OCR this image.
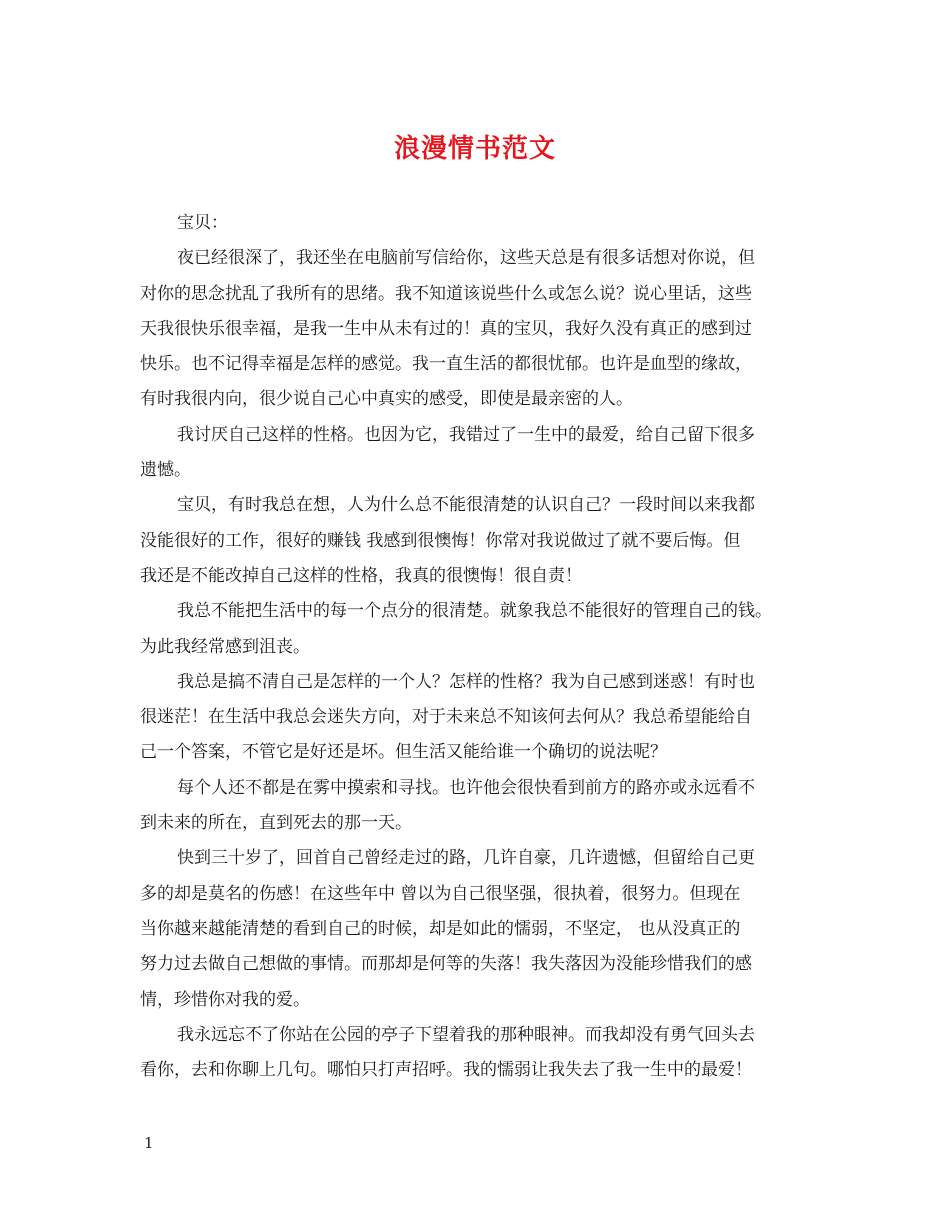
浪漫情书范文
宝贝：
夜已经很深了，我还坐在电脑前写信给你，这些天总是有很多话想对你说，但
对你的思念扰乱了我所有的思绪。我不知道该说些什么或怎么说？说心里话，这些
天我很快乐很幸福，是我一生中从未有过的！真的宝贝，我好久没有真正的感到过
快乐。也不记得幸福是怎样的感觉。我一直生活的都很忧郁。也许是血型的缘故，
有时我很内向，很少说自己心中真实的感受，即使是最亲密的人。
我讨厌自己这样的性格。也因为它，我错过了一生中的最爱，给自己留下很多
遗憾。
宝贝，有时我总在想，人为什么总不能很清楚的认识自己？一段时间以来我都
没能很好的工作，很好的赚钱 我感到很懊悔！你常对我说做过了就不要后悔。但
我还是不能改掉自己这样的性格，我真的很懊悔！很自责！
我总不能把生活中的每一个点分的很清楚。就象我总不能很好的管理自己的钱。
为此我经常感到沮丧。
我总是搞不清自己是怎样的一个人？怎样的性格？我为自己感到迷惑！有时也
很迷茫！在生活中我总会迷失方向，对于未来总不知该何去何从？我总希望能给自
己一个答案，不管它是好还是坏。但生活又能给谁一个确切的说法呢？
每个人还不都是在雾中摸索和寻找。也许他会很快看到前方的路亦或永远看不
到未来的所在，直到死去的那一天。
快到三十岁了，回首自己曾经走过的路，几许自豪，几许遗憾，但留给自己更
多的却是莫名的伤感！在这些年中 曾以为自己很坚强，很执着，很努力。但现在
当你越来越能清楚的看到自己的时候，却是如此的懦弱，不坚定， 也从没真正的
努力过去做自己想做的事情。而那却是何等的失落！我失落因为没能珍惜我们的感
情，珍惜你对我的爱。
我永远忘不了你站在公园的亭子下望着我的那种眼神。而我却没有勇气回头去
看你，去和你聊上几句。哪怕只打声招呼。我的懦弱让我失去了我一生中的最爱！
1
